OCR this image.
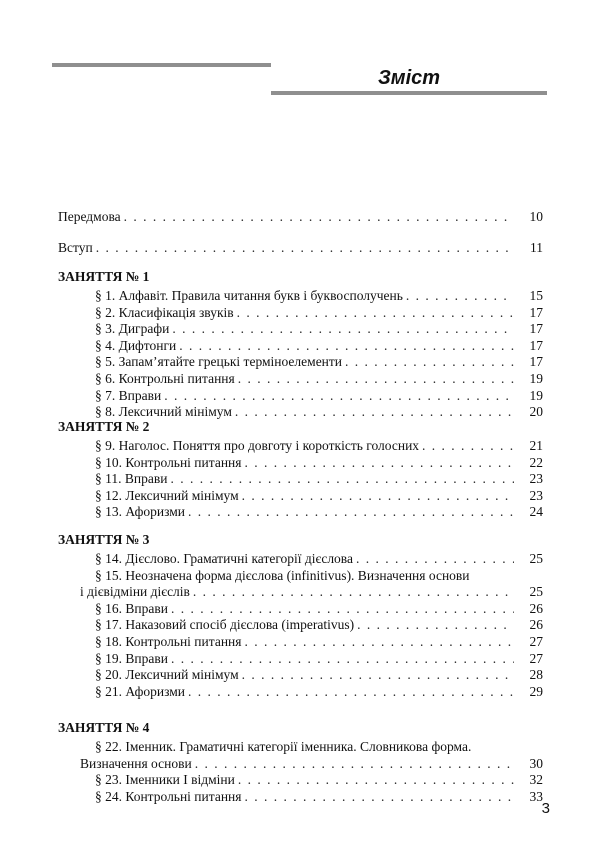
Зміст
Передмова . . .	10
Вступ . . .	11
ЗАНЯТТЯ № 1
§ 1. Алфавіт. Правила читання букв і буквосполучень . . .	15
§ 2. Класифікація звуків . . .	17
§ 3. Диграфи . . .	17
§ 4. Дифтонги . . .	17
§ 5. Запам’ятайте грецькі терміноелементи . . .	17
§ 6. Контрольні питання . . .	19
§ 7. Вправи . . .	19
§ 8. Лексичний мінімум . . .	20
ЗАНЯТТЯ № 2
§ 9. Наголос. Поняття про довготу і короткість голосних . . .	21
§ 10. Контрольні питання . . .	22
§ 11. Вправи . . .	23
§ 12. Лексичний мінімум . . .	23
§ 13. Афоризми . . .	24
ЗАНЯТТЯ № 3
§ 14. Дієслово. Граматичні категорії дієслова . . .	25
§ 15. Неозначена форма дієслова (infinitivus). Визначення основи
і дієвідміни дієслів . . .	25
§ 16. Вправи . . .	26
§ 17. Наказовий спосіб дієслова (imperativus) . . .	26
§ 18. Контрольні питання . . .	27
§ 19. Вправи . . .	27
§ 20. Лексичний мінімум . . .	28
§ 21. Афоризми . . .	29
ЗАНЯТТЯ № 4
§ 22. Іменник. Граматичні категорії іменника. Словникова форма.
Визначення основи . . .	30
§ 23. Іменники I відміни . . .	32
§ 24. Контрольні питання . . .	33
3
